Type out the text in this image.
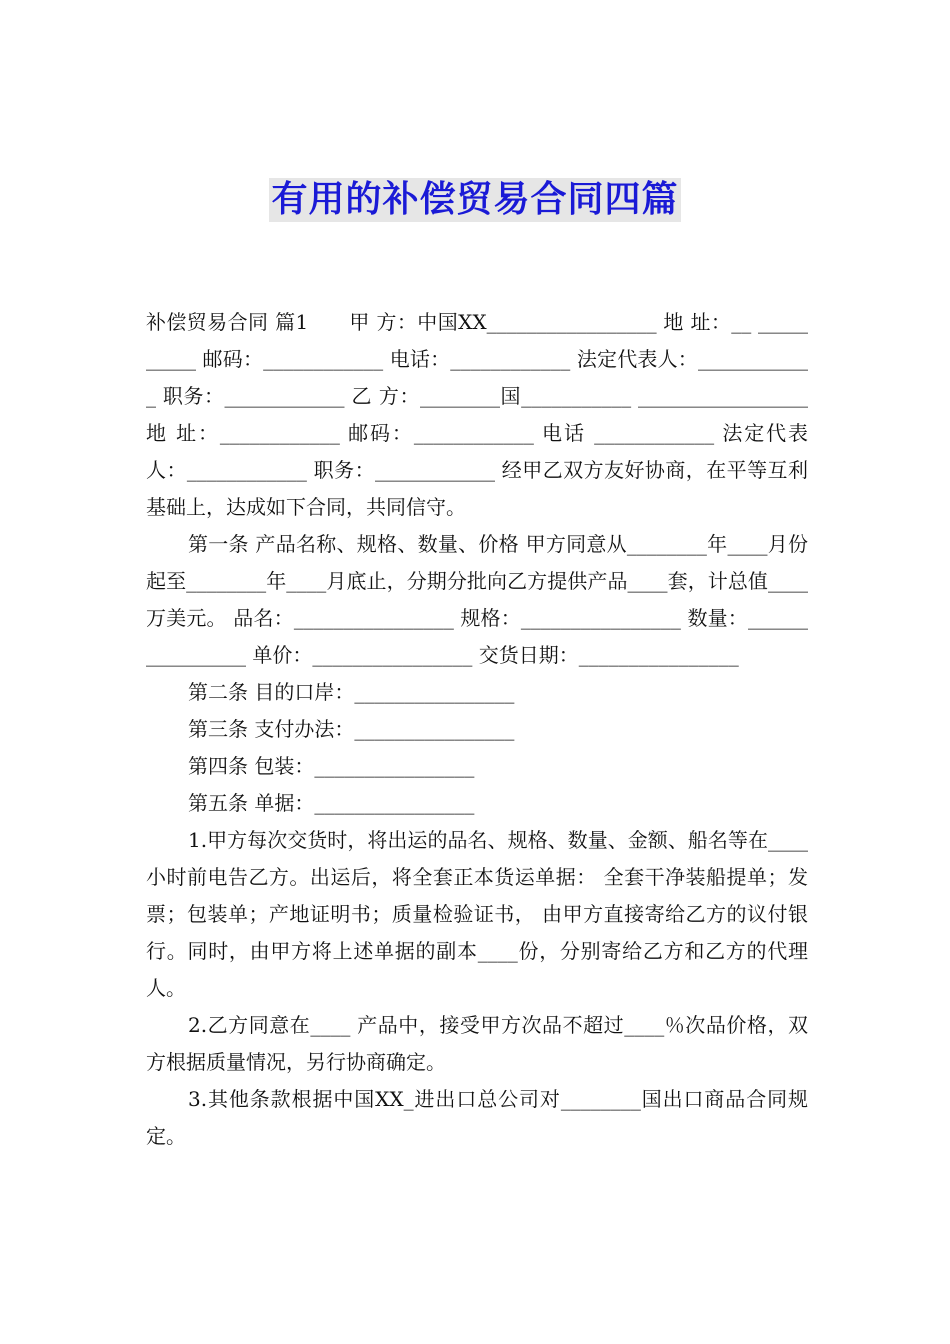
有用的补偿贸易合同四篇

补偿贸易合同 篇1　　甲 方：中国XX_________________ 地 址：__ __________ 邮码：____________ 电话：____________ 法定代表人：____________ 职务：____________ 乙 方：________国___________ _________________ 地 址：____________ 邮码：____________ 电话 ____________ 法定代表人：____________ 职务：____________ 经甲乙双方友好协商，在平等互利基础上，达成如下合同，共同信守。

第一条 产品名称、规格、数量、价格 甲方同意从________年____月份起至________年____月底止，分期分批向乙方提供产品____套，计总值____ 万美元。 品名：________________ 规格：________________ 数量：________________ 单价：________________ 交货日期：________________

第二条 目的口岸：________________

第三条 支付办法：________________

第四条 包装：________________

第五条 单据：________________

1.甲方每次交货时，将出运的品名、规格、数量、金额、船名等在____小时前电告乙方。出运后，将全套正本货运单据： 全套干净装船提单；发票；包装单；产地证明书；质量检验证书， 由甲方直接寄给乙方的议付银行。同时，由甲方将上述单据的副本____份，分别寄给乙方和乙方的代理人。

2.乙方同意在____ 产品中，接受甲方次品不超过____％次品价格，双方根据质量情况，另行协商确定。

3.其他条款根据中国XX_进出口总公司对________国出口商品合同规定。
